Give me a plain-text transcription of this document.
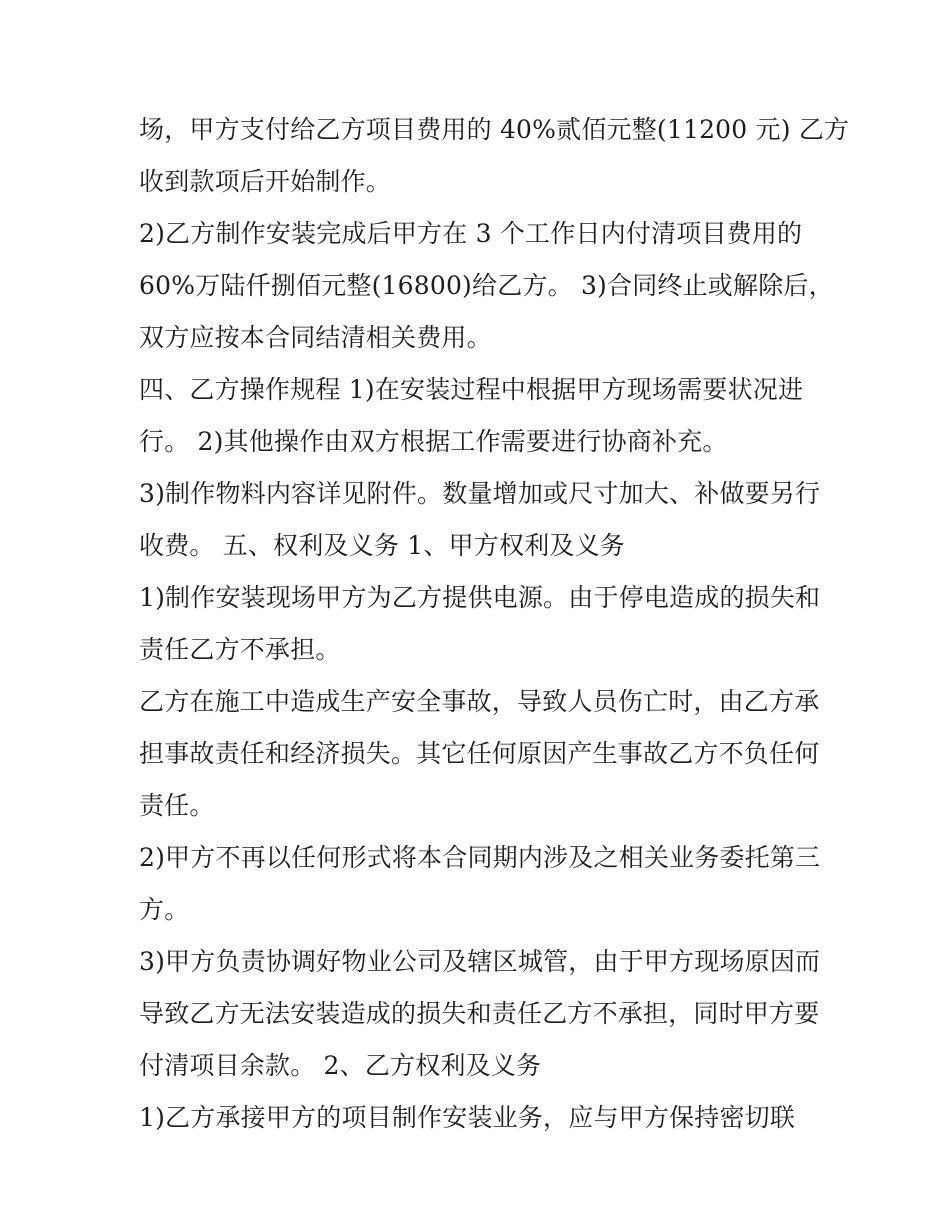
场，甲方支付给乙方项目费用的 40%贰佰元整(11200 元) 乙方
收到款项后开始制作。
2)乙方制作安装完成后甲方在 3 个工作日内付清项目费用的
60%万陆仟捌佰元整(16800)给乙方。 3)合同终止或解除后，
双方应按本合同结清相关费用。
四、乙方操作规程 1)在安装过程中根据甲方现场需要状况进
行。 2)其他操作由双方根据工作需要进行协商补充。
3)制作物料内容详见附件。数量增加或尺寸加大、补做要另行
收费。 五、权利及义务 1、甲方权利及义务
1)制作安装现场甲方为乙方提供电源。由于停电造成的损失和
责任乙方不承担。
乙方在施工中造成生产安全事故，导致人员伤亡时，由乙方承
担事故责任和经济损失。其它任何原因产生事故乙方不负任何
责任。
2)甲方不再以任何形式将本合同期内涉及之相关业务委托第三
方。
3)甲方负责协调好物业公司及辖区城管，由于甲方现场原因而
导致乙方无法安装造成的损失和责任乙方不承担，同时甲方要
付清项目余款。 2、乙方权利及义务
1)乙方承接甲方的项目制作安装业务，应与甲方保持密切联
